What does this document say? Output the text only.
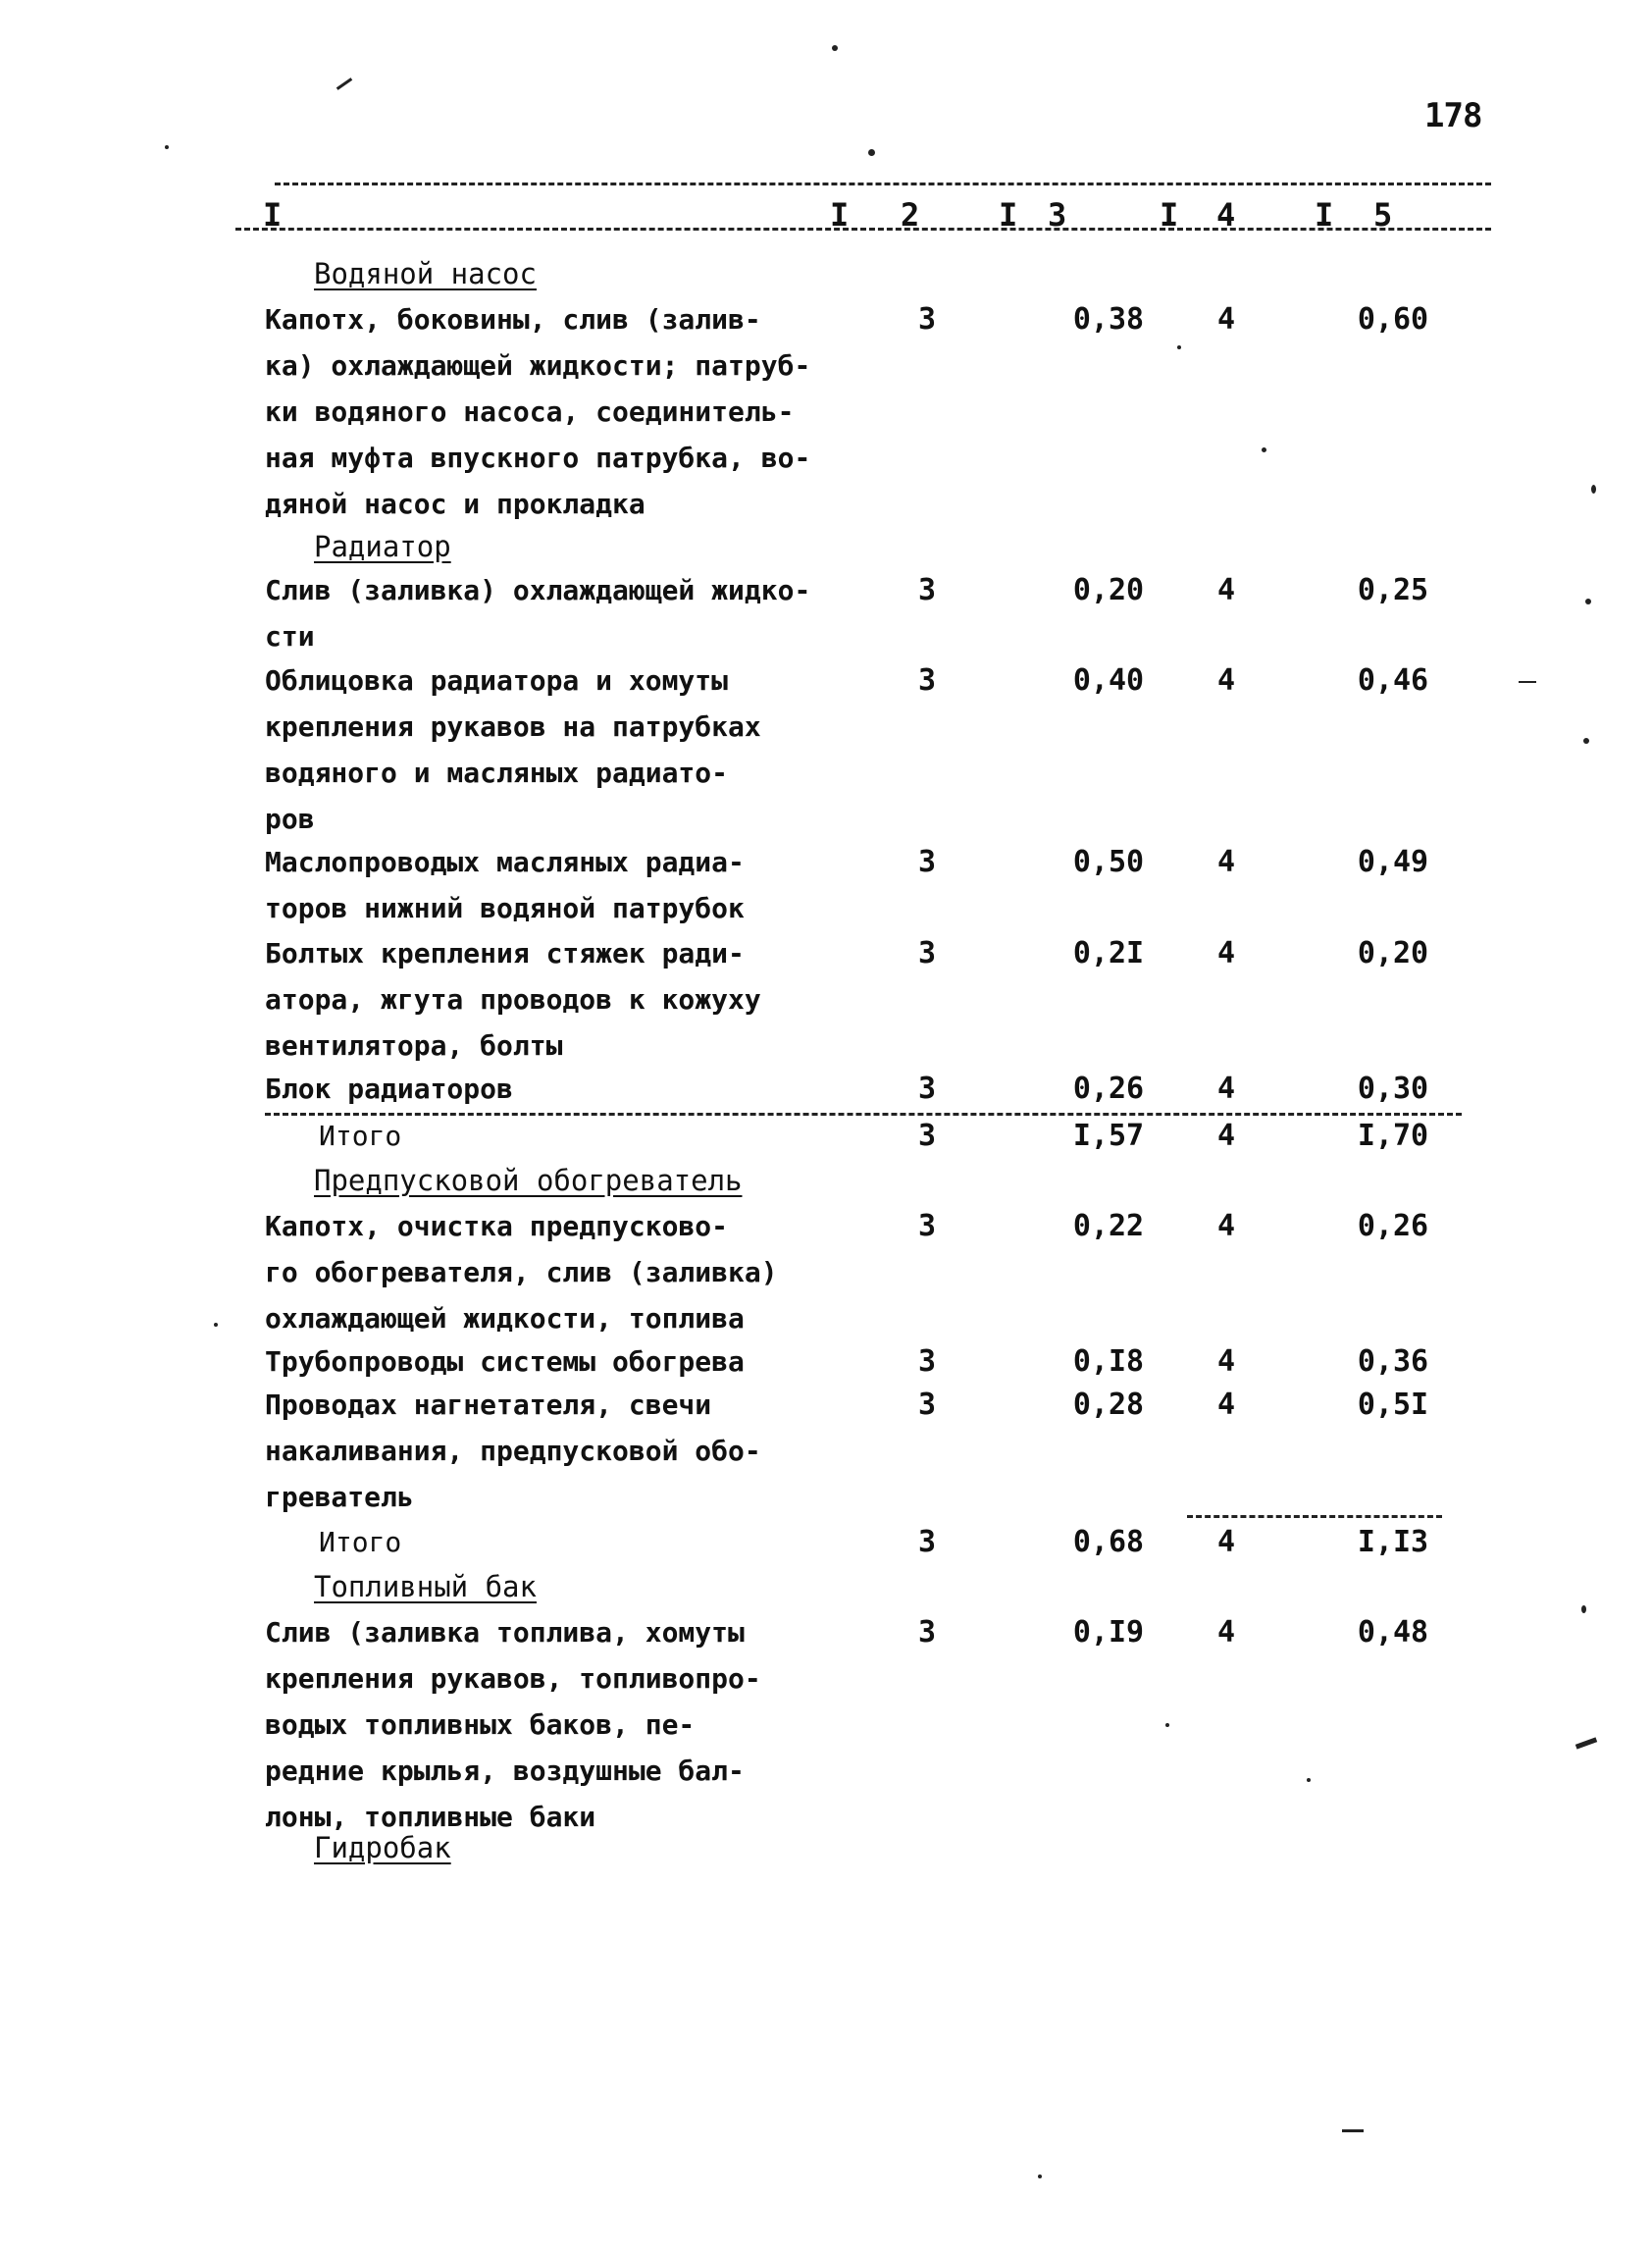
178
I	I 2	I 3	I 4	I 5
Водяной насос
Капотx, боковины, слив (залив-
ка) охлаждающей жидкости; патруб-
ки водяного насоса, соединитель-
ная муфта впускного патрубка, во-
дяной насос и прокладка
3	0,38	4	0,60
Радиатор
Слив (заливка) охлаждающей жидко-
сти
3	0,20	4	0,25
Облицовка радиатора и хомуты
крепления рукавов на патрубках
водяного и масляных радиато-
ров
3	0,40	4	0,46
Маслопроводыx масляных радиа-
торов нижний водяной патрубок
3	0,50	4	0,49
Болтыx крепления стяжек ради-
атора, жгута проводов к кожуху
вентилятора, болты
3	0,2I	4	0,20
Блок радиаторов	3	0,26	4	0,30
Итого	3	I,57	4	I,70
Предпусковой обогреватель
Капотx, очистка предпусково-
го обогревателя, слив (заливка)
охлаждающей жидкости, топлива
3	0,22	4	0,26
Трубопроводы системы обогрева	3	0,I8	4	0,36
Проводаx нагнетателя, свечи
накаливания, предпусковой обо-
греватель
3	0,28	4	0,5I
Итого	3	0,68	4	I,I3
Топливный бак
Слив (заливка топлива, хомуты
крепления рукавов, топливопро-
водыx топливных баков, пе-
редние крылья, воздушные бал-
лоны, топливные баки
3	0,I9	4	0,48
Гидробак
